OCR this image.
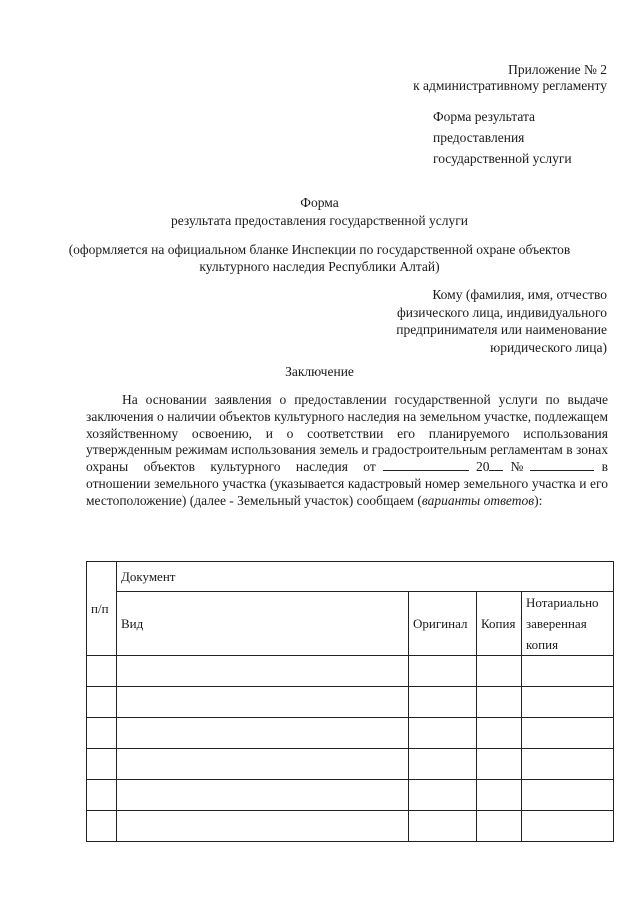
Приложение № 2
к административному регламенту
Форма результата
предоставления
государственной услуги
Форма
результата предоставления государственной услуги
(оформляется на официальном бланке Инспекции по государственной охране объектов
культурного наследия Республики Алтай)
Кому (фамилия, имя, отчество
физического лица, индивидуального
предпринимателя или наименование
юридического лица)
Заключение
На основании заявления о предоставлении государственной услуги по выдаче
заключения о наличии объектов культурного наследия на земельном участке, подлежащем
хозяйственному освоению, и о соответствии его планируемого использования
утвержденным режимам использования земель и градостроительным регламентам в зонах
охраны объектов культурного наследия от	20	№	в
отношении земельного участка (указывается кадастровый номер земельного участка и его
местоположение) (далее - Земельный участок) сообщаем (варианты ответов):
п/п	Документ			
	Вид	Оригинал	Копия	Нотариально
заверенная
копия
